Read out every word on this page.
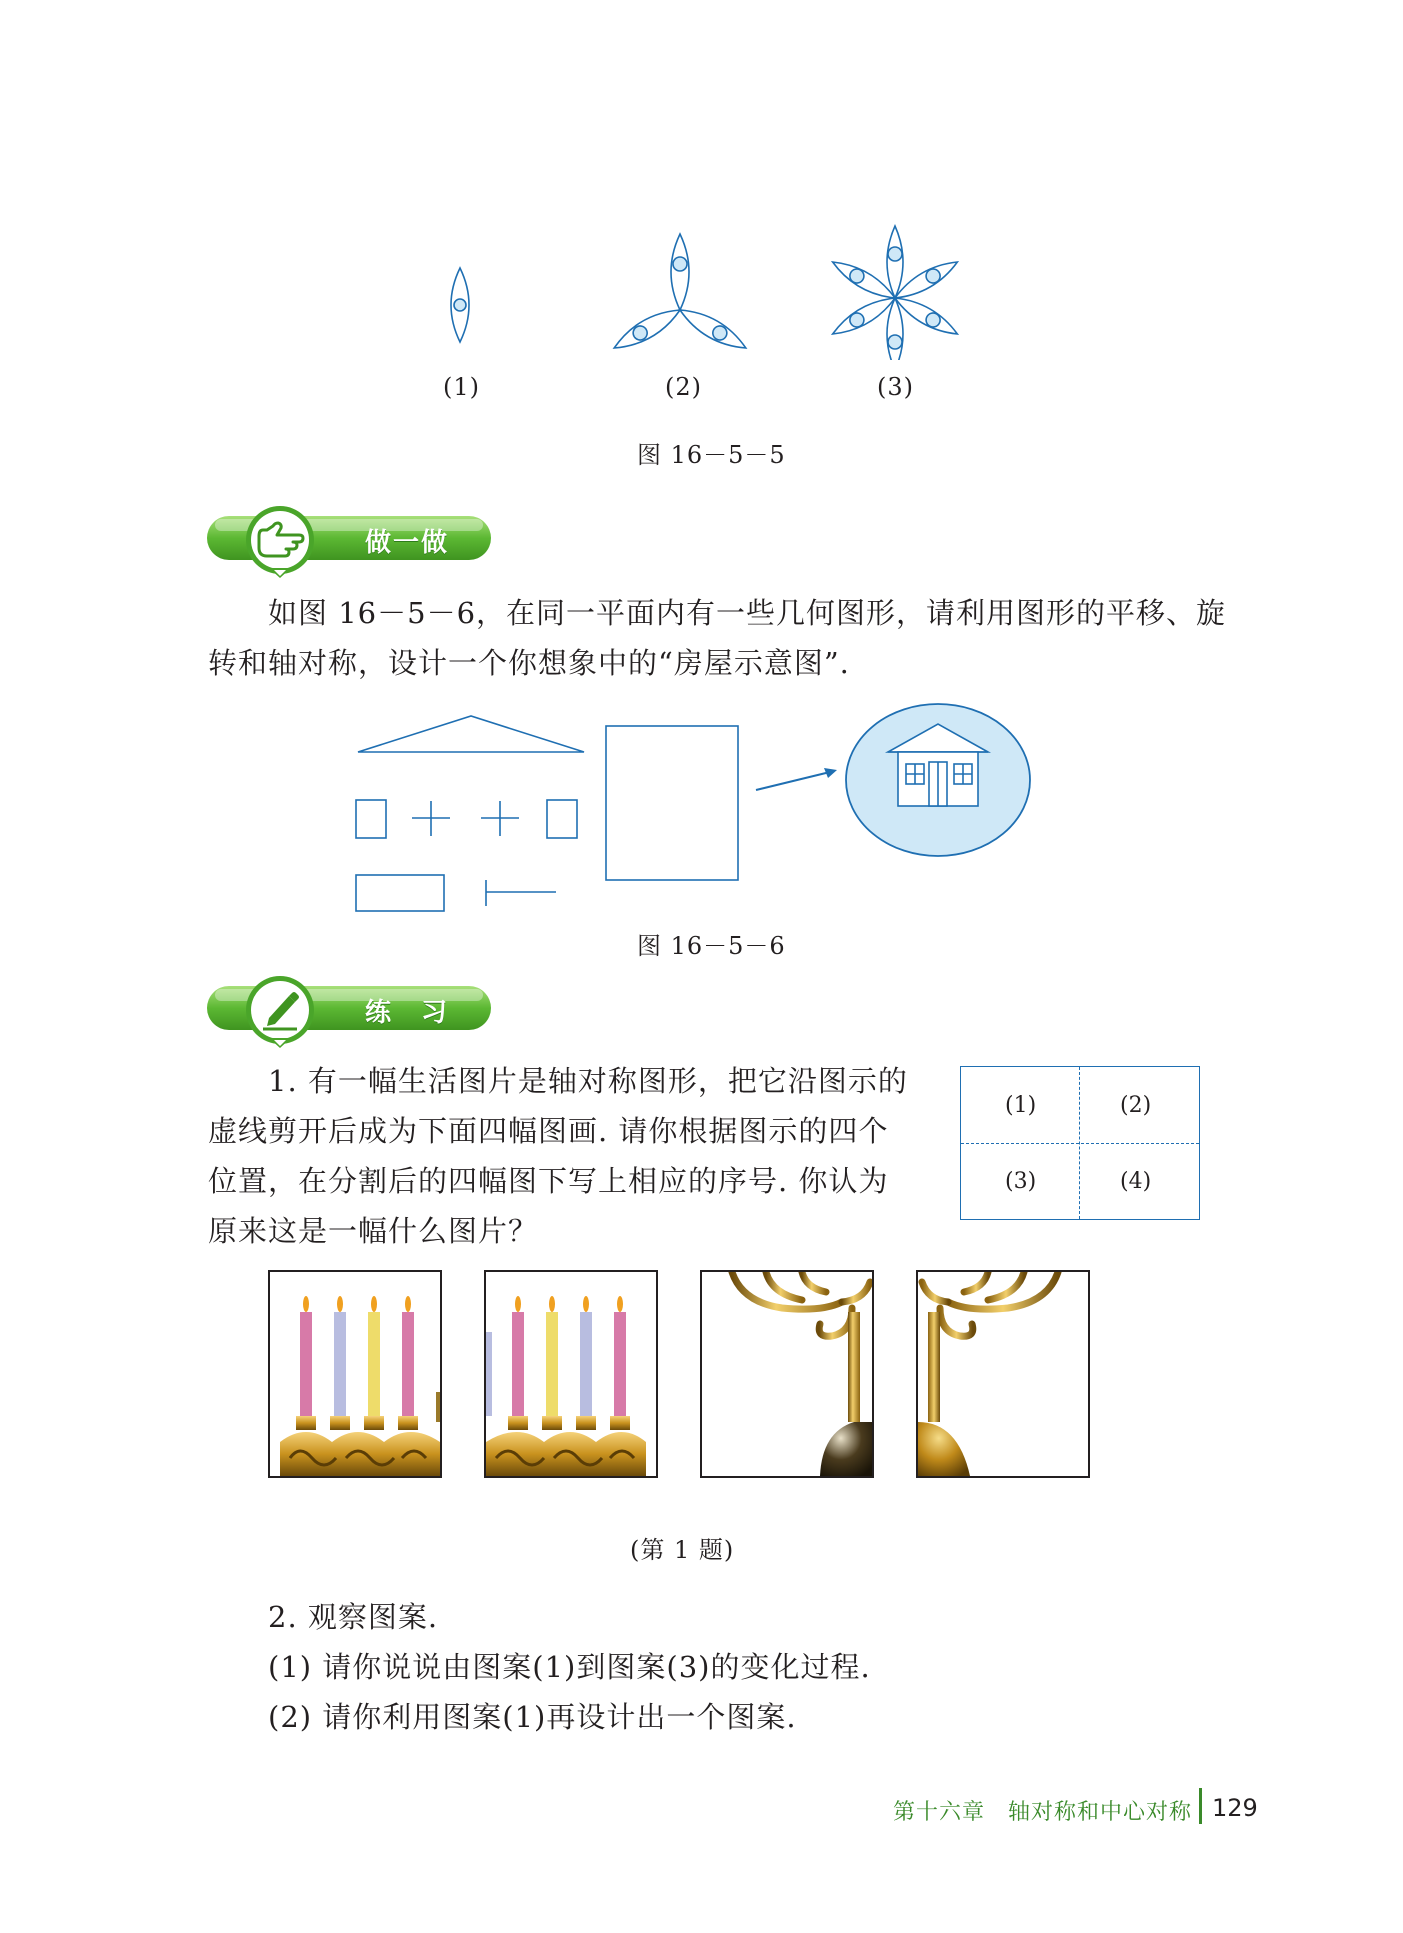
(1)	(2)	(3)
图 16－5－5
做一做
如图 16－5－6，在同一平面内有一些几何图形，请利用图形的平移、旋
转和轴对称，设计一个你想象中的“房屋示意图”.
图 16－5－6
练　习
1. 有一幅生活图片是轴对称图形，把它沿图示的
虚线剪开后成为下面四幅图画. 请你根据图示的四个
位置，在分割后的四幅图下写上相应的序号. 你认为
原来这是一幅什么图片？
(1)	(2)
(3)	(4)
(第 1 题)
2. 观察图案.
(1) 请你说说由图案(1)到图案(3)的变化过程.
(2) 请你利用图案(1)再设计出一个图案.
第十六章　轴对称和中心对称 129
